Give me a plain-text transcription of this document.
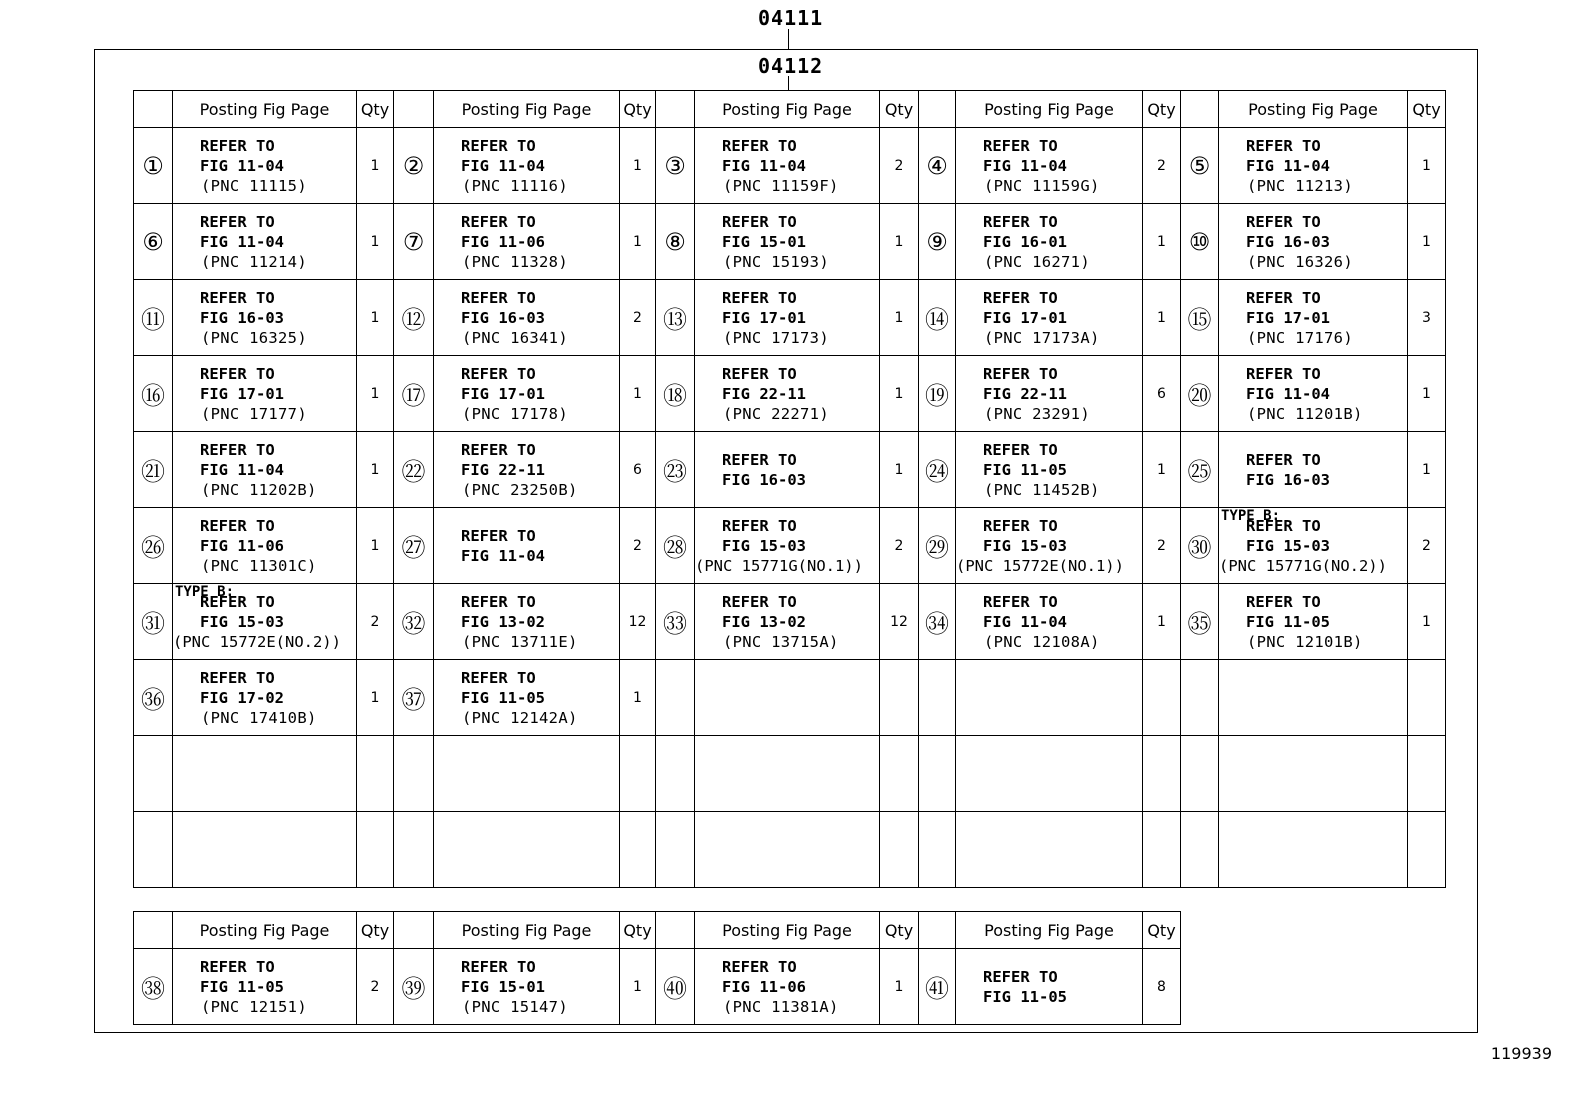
04111
04112
	Posting Fig Page	Qty		Posting Fig Page	Qty		Posting Fig Page	Qty		Posting Fig Page	Qty		Posting Fig Page	Qty
①	REFER TO
FIG 11-04
(PNC 11115)	1	②	REFER TO
FIG 11-04
(PNC 11116)	1	③	REFER TO
FIG 11-04
(PNC 11159F)	2	④	REFER TO
FIG 11-04
(PNC 11159G)	2	⑤	REFER TO
FIG 11-04
(PNC 11213)	1
⑥	REFER TO
FIG 11-04
(PNC 11214)	1	⑦	REFER TO
FIG 11-06
(PNC 11328)	1	⑧	REFER TO
FIG 15-01
(PNC 15193)	1	⑨	REFER TO
FIG 16-01
(PNC 16271)	1	⑩	REFER TO
FIG 16-03
(PNC 16326)	1
⑪	REFER TO
FIG 16-03
(PNC 16325)	1	⑫	REFER TO
FIG 16-03
(PNC 16341)	2	⑬	REFER TO
FIG 17-01
(PNC 17173)	1	⑭	REFER TO
FIG 17-01
(PNC 17173A)	1	⑮	REFER TO
FIG 17-01
(PNC 17176)	3
⑯	REFER TO
FIG 17-01
(PNC 17177)	1	⑰	REFER TO
FIG 17-01
(PNC 17178)	1	⑱	REFER TO
FIG 22-11
(PNC 22271)	1	⑲	REFER TO
FIG 22-11
(PNC 23291)	6	⑳	REFER TO
FIG 11-04
(PNC 11201B)	1
㉑	REFER TO
FIG 11-04
(PNC 11202B)	1	㉒	REFER TO
FIG 22-11
(PNC 23250B)	6	㉓	REFER TO
FIG 16-03	1	㉔	REFER TO
FIG 11-05
(PNC 11452B)	1	㉕	REFER TO
FIG 16-03	1
㉖	REFER TO
FIG 11-06
(PNC 11301C)	1	㉗	REFER TO
FIG 11-04	2	㉘	REFER TO
FIG 15-03
(PNC 15771G(NO.1))	2	㉙	REFER TO
FIG 15-03
(PNC 15772E(NO.1))	2	㉚	TYPE B:
REFER TO
FIG 15-03
(PNC 15771G(NO.2))	2
㉛	TYPE B:
REFER TO
FIG 15-03
(PNC 15772E(NO.2))	2	㉜	REFER TO
FIG 13-02
(PNC 13711E)	12	㉝	REFER TO
FIG 13-02
(PNC 13715A)	12	㉞	REFER TO
FIG 11-04
(PNC 12108A)	1	㉟	REFER TO
FIG 11-05
(PNC 12101B)	1
㊱	REFER TO
FIG 17-02
(PNC 17410B)	1	㊲	REFER TO
FIG 11-05
(PNC 12142A)	1		

	Posting Fig Page	Qty		Posting Fig Page	Qty		Posting Fig Page	Qty		Posting Fig Page	Qty
㊳	REFER TO
FIG 11-05
(PNC 12151)	2	㊴	REFER TO
FIG 15-01
(PNC 15147)	1	㊵	REFER TO
FIG 11-06
(PNC 11381A)	1	㊶	REFER TO
FIG 11-05	8
119939
